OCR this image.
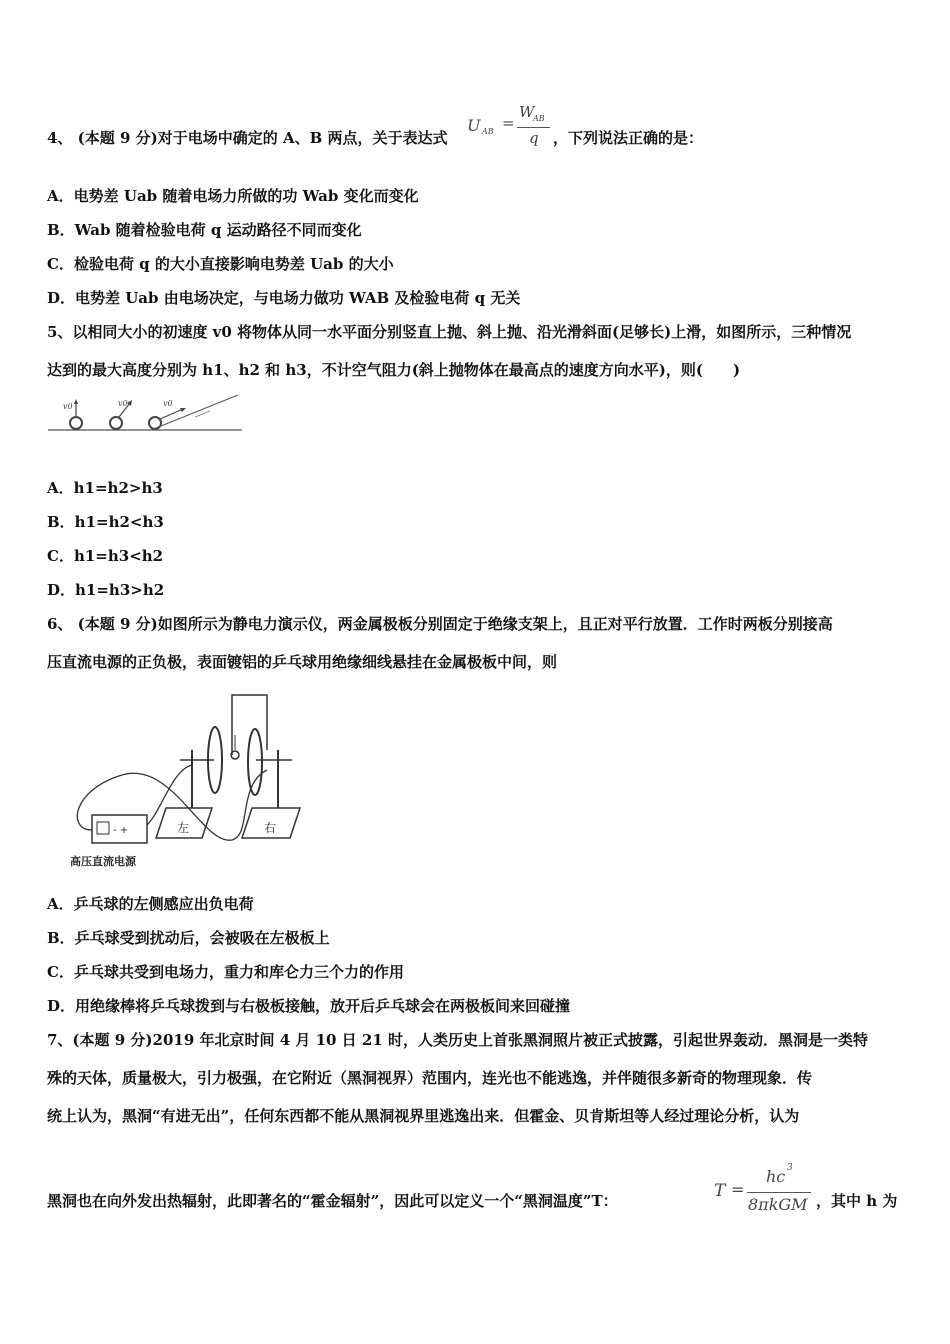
4、 (本题 9 分)对于电场中确定的 A、B 两点，关于表达式
U AB =
W
AB
q ，下列说法正确的是：
A．电势差 Uab 随着电场力所做的功 Wab 变化而变化
B．Wab 随着检验电荷 q 运动路径不同而变化
C．检验电荷 q 的大小直接影响电势差 Uab 的大小
D．电势差 Uab 由电场决定，与电场力做功 WAB 及检验电荷 q 无关
5、以相同大小的初速度 v0 将物体从同一水平面分别竖直上抛、斜上抛、沿光滑斜面(足够长)上滑，如图所示，三种情况
达到的最大高度分别为 h1、h2 和 h3，不计空气阻力(斜上抛物体在最高点的速度方向水平)，则(　　)
v0	v0	v0
A．h1=h2>h3
B．h1=h2<h3
C．h1=h3<h2
D．h1=h3>h2
6、 (本题 9 分)如图所示为静电力演示仪，两金属极板分别固定于绝缘支架上，且正对平行放置．工作时两板分别接高
压直流电源的正负极，表面镀铝的乒乓球用绝缘细线悬挂在金属极板中间，则
左	右
- +
高压直流电源
A．乒乓球的左侧感应出负电荷
B．乒乓球受到扰动后，会被吸在左极板上
C．乒乓球共受到电场力，重力和库仑力三个力的作用
D．用绝缘棒将乒乓球拨到与右极板接触，放开后乒乓球会在两极板间来回碰撞
7、(本题 9 分)2019 年北京时间 4 月 10 日 21 时，人类历史上首张黑洞照片被正式披露，引起世界轰动．黑洞是一类特
殊的天体，质量极大，引力极强，在它附近（黑洞视界）范围内，连光也不能逃逸，并伴随很多新奇的物理现象．传
统上认为，黑洞“有进无出”，任何东西都不能从黑洞视界里逃逸出来．但霍金、贝肯斯坦等人经过理论分析，认为
黑洞也在向外发出热辐射，此即著名的“霍金辐射”，因此可以定义一个“黑洞温度”T：	T =
hc 3
8πkGM ，其中 h 为
